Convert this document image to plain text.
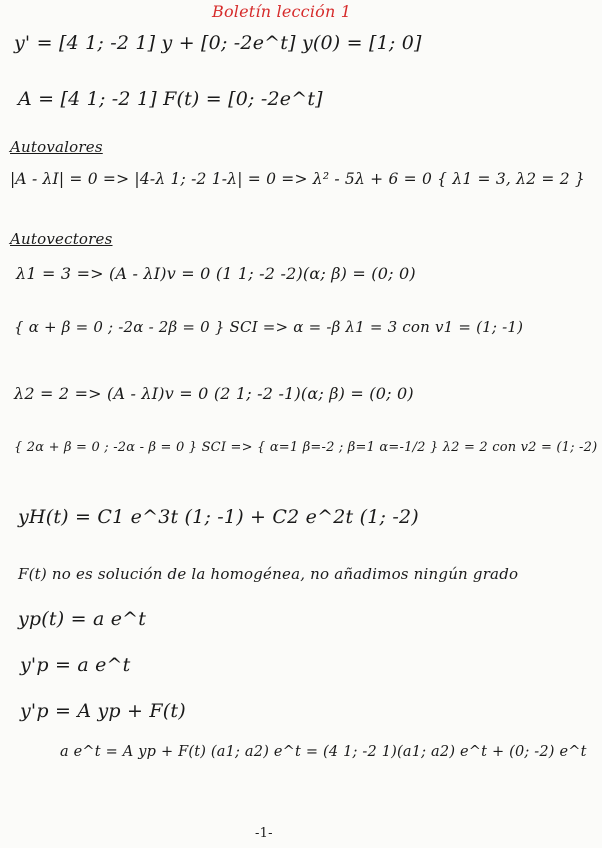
Boletín lección 1
y' = [4 1; -2 1] y + [0; -2e^t] y(0) = [1; 0]
A = [4 1; -2 1] F(t) = [0; -2e^t]
Autovalores
|A - λI| = 0 => |4-λ 1; -2 1-λ| = 0 => λ² - 5λ + 6 = 0 { λ1 = 3, λ2 = 2 }
Autovectores
λ1 = 3 => (A - λI)v = 0 (1 1; -2 -2)(α; β) = (0; 0)
{ α + β = 0 ; -2α - 2β = 0 } SCI => α = -β λ1 = 3 con v1 = (1; -1)
λ2 = 2 => (A - λI)v = 0 (2 1; -2 -1)(α; β) = (0; 0)
{ 2α + β = 0 ; -2α - β = 0 } SCI => { α=1 β=-2 ; β=1 α=-1/2 } λ2 = 2 con v2 = (1; -2)
yH(t) = C1 e^3t (1; -1) + C2 e^2t (1; -2)
F(t) no es solución de la homogénea, no añadimos ningún grado
yp(t) = a e^t
y'p = a e^t
y'p = A yp + F(t)
a e^t = A yp + F(t) (a1; a2) e^t = (4 1; -2 1)(a1; a2) e^t + (0; -2) e^t
-1-
